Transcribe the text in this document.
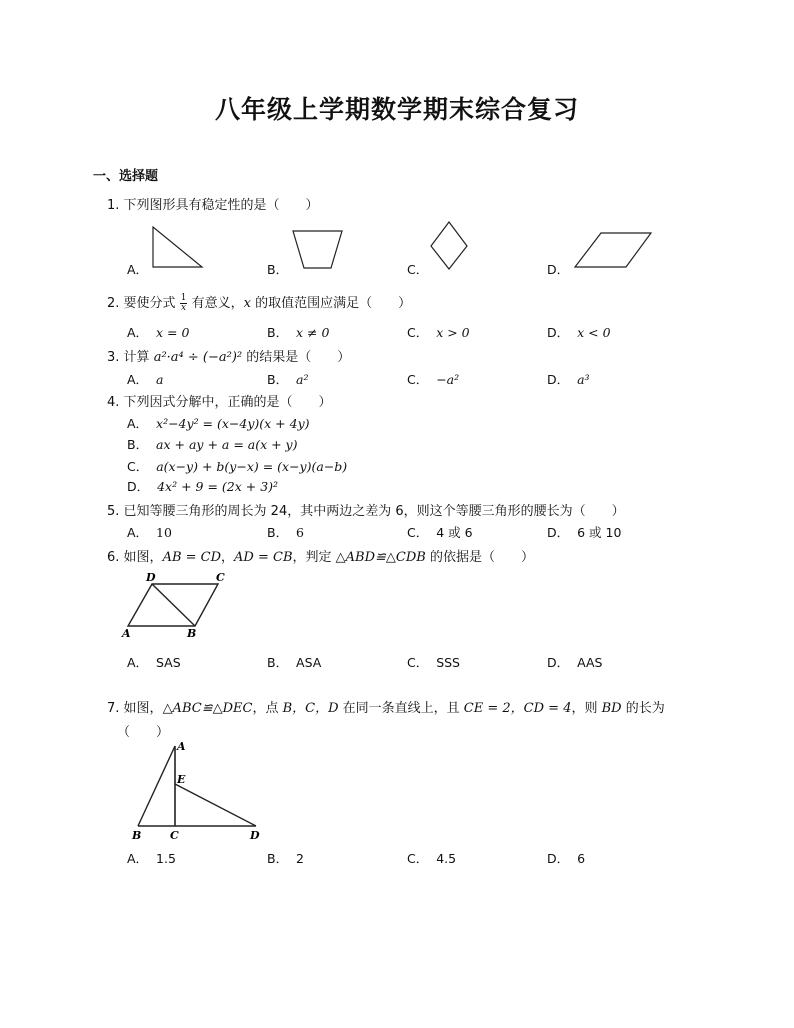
八年级上学期数学期末综合复习
一、选择题
1. 下列图形具有稳定性的是（　　）
A．	B．	C．	D．
2. 要使分式 $\frac{1}{x}$ 有意义，x 的取值范围应满足（　　）
A． x = 0	B． x ≠ 0	C． x > 0	D． x < 0
3. 计算 a²·a⁴ ÷ (−a²)² 的结果是（　　）
A． a	B． a²	C． −a²	D． a³
4. 下列因式分解中，正确的是（　　）
A． x²−4y² = (x−4y)(x + 4y)
B． ax + ay + a = a(x + y)
C． a(x−y) + b(y−x) = (x−y)(a−b)
D． 4x² + 9 = (2x + 3)²
5. 已知等腰三角形的周长为 24，其中两边之差为 6，则这个等腰三角形的腰长为（　　）
A． 10	B． 6	C． 4 或 6	D． 6 或 10
6. 如图，AB = CD，AD = CB，判定 △ABD≌△CDB 的依据是（　　）
D	C
A	B
A． SAS	B． ASA	C． SSS	D． AAS
7. 如图，△ABC≌△DEC，点 B，C，D 在同一条直线上，且 CE = 2，CD = 4，则 BD 的长为
（　　）
A
E
B	C	D
A． 1.5	B． 2	C． 4.5	D． 6
